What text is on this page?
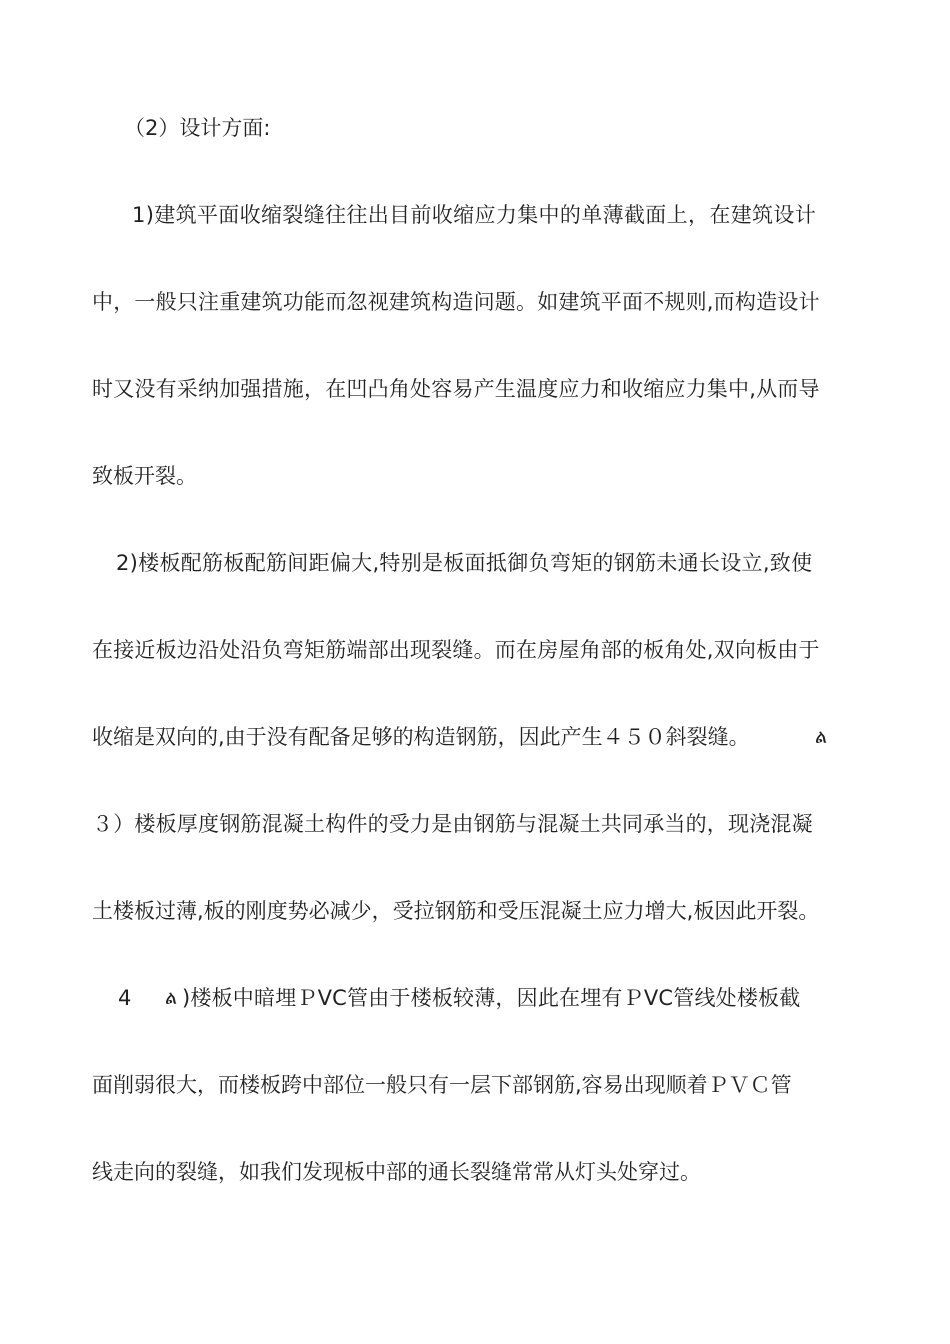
（2）设计方面:

1)建筑平面收缩裂缝往往出目前收缩应力集中的单薄截面上，在建筑设计

中，一般只注重建筑功能而忽视建筑构造问题。如建筑平面不规则,而构造设计

时又没有采纳加强措施，在凹凸角处容易产生温度应力和收缩应力集中,从而导

致板开裂。

2)楼板配筋板配筋间距偏大,特别是板面抵御负弯矩的钢筋未通长设立,致使

在接近板边沿处沿负弯矩筋端部出现裂缝。而在房屋角部的板角处,双向板由于

收缩是双向的,由于没有配备足够的构造钢筋，因此产生４５０斜裂缝。

	ል

３）楼板厚度钢筋混凝土构件的受力是由钢筋与混凝土共同承当的，现浇混凝

土楼板过薄,板的刚度势必减少，受拉钢筋和受压混凝土应力增大,板因此开裂。

4

ል

)楼板中暗埋ＰVC管由于楼板较薄，因此在埋有ＰVC管线处楼板截

面削弱很大，而楼板跨中部位一般只有一层下部钢筋,容易出现顺着ＰＶＣ管

线走向的裂缝，如我们发现板中部的通长裂缝常常从灯头处穿过。
